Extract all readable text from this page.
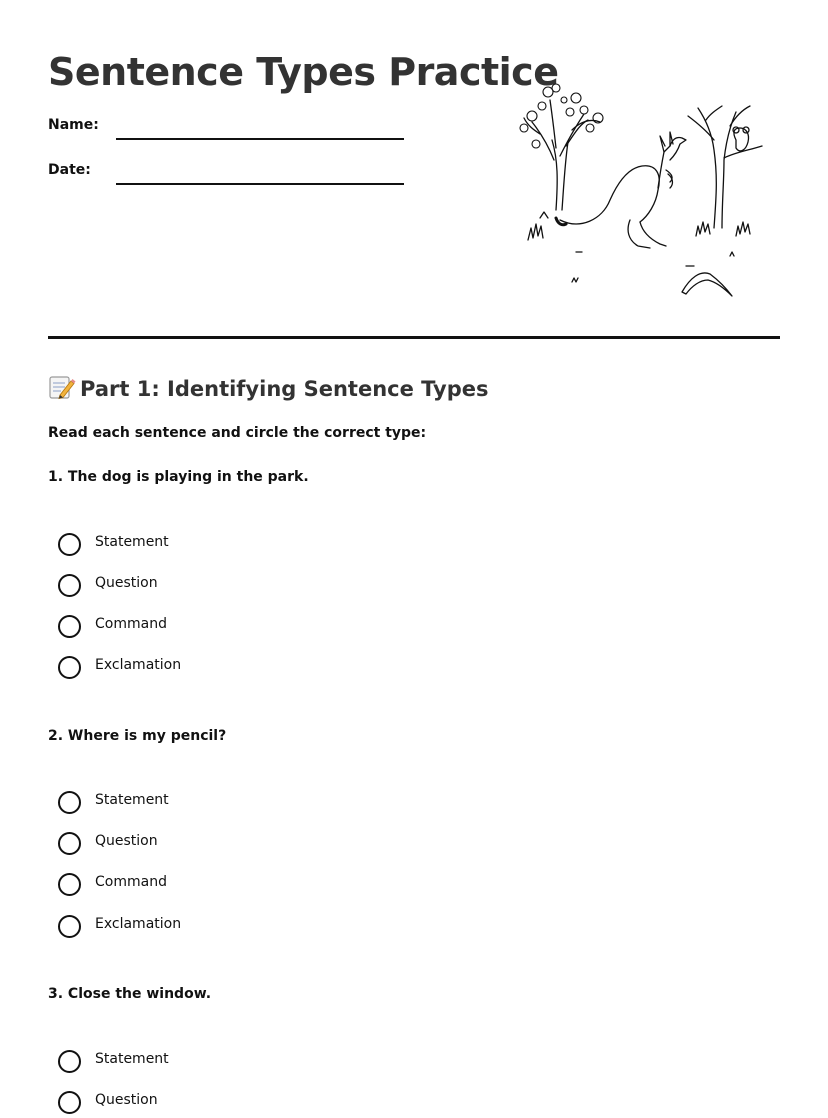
Sentence Types Practice
Name:
Date:
Part 1: Identifying Sentence Types
Read each sentence and circle the correct type:
1. The dog is playing in the park.
Statement
Question
Command
Exclamation
2. Where is my pencil?
Statement
Question
Command
Exclamation
3. Close the window.
Statement
Question
